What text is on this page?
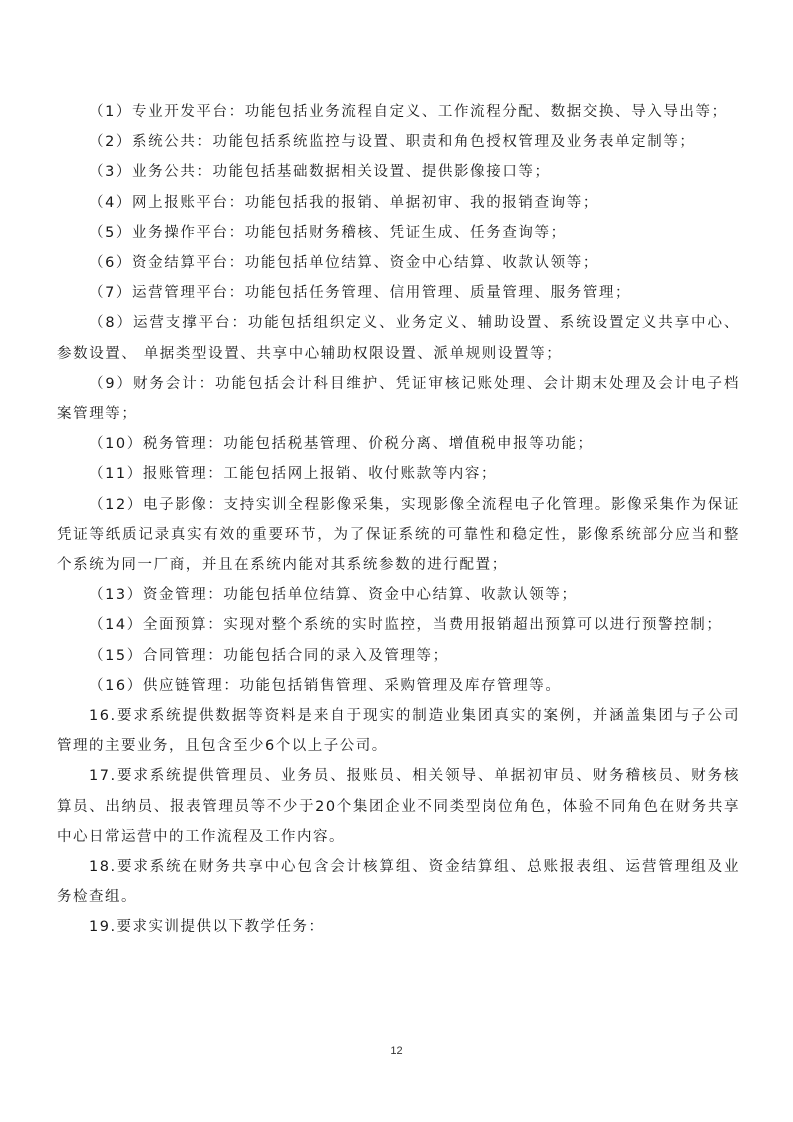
（1）专业开发平台：功能包括业务流程自定义、工作流程分配、数据交换、导入导出等；

（2）系统公共：功能包括系统监控与设置、职责和角色授权管理及业务表单定制等；

（3）业务公共：功能包括基础数据相关设置、提供影像接口等；

（4）网上报账平台：功能包括我的报销、单据初审、我的报销查询等；

（5）业务操作平台：功能包括财务稽核、凭证生成、任务查询等；

（6）资金结算平台：功能包括单位结算、资金中心结算、收款认领等；

（7）运营管理平台：功能包括任务管理、信用管理、质量管理、服务管理；

（8）运营支撑平台：功能包括组织定义、业务定义、辅助设置、系统设置定义共享中心、参数设置、 单据类型设置、共享中心辅助权限设置、派单规则设置等；

（9）财务会计：功能包括会计科目维护、凭证审核记账处理、会计期末处理及会计电子档案管理等；

（10）税务管理：功能包括税基管理、价税分离、增值税申报等功能；

（11）报账管理：工能包括网上报销、收付账款等内容；

（12）电子影像：支持实训全程影像采集，实现影像全流程电子化管理。影像采集作为保证凭证等纸质记录真实有效的重要环节，为了保证系统的可靠性和稳定性，影像系统部分应当和整个系统为同一厂商，并且在系统内能对其系统参数的进行配置；

（13）资金管理：功能包括单位结算、资金中心结算、收款认领等；

（14）全面预算：实现对整个系统的实时监控，当费用报销超出预算可以进行预警控制；

（15）合同管理：功能包括合同的录入及管理等；

（16）供应链管理：功能包括销售管理、采购管理及库存管理等。

16.要求系统提供数据等资料是来自于现实的制造业集团真实的案例，并涵盖集团与子公司管理的主要业务，且包含至少6个以上子公司。

17.要求系统提供管理员、业务员、报账员、相关领导、单据初审员、财务稽核员、财务核算员、出纳员、报表管理员等不少于20个集团企业不同类型岗位角色，体验不同角色在财务共享中心日常运营中的工作流程及工作内容。

18.要求系统在财务共享中心包含会计核算组、资金结算组、总账报表组、运营管理组及业务检查组。

19.要求实训提供以下教学任务：

12
